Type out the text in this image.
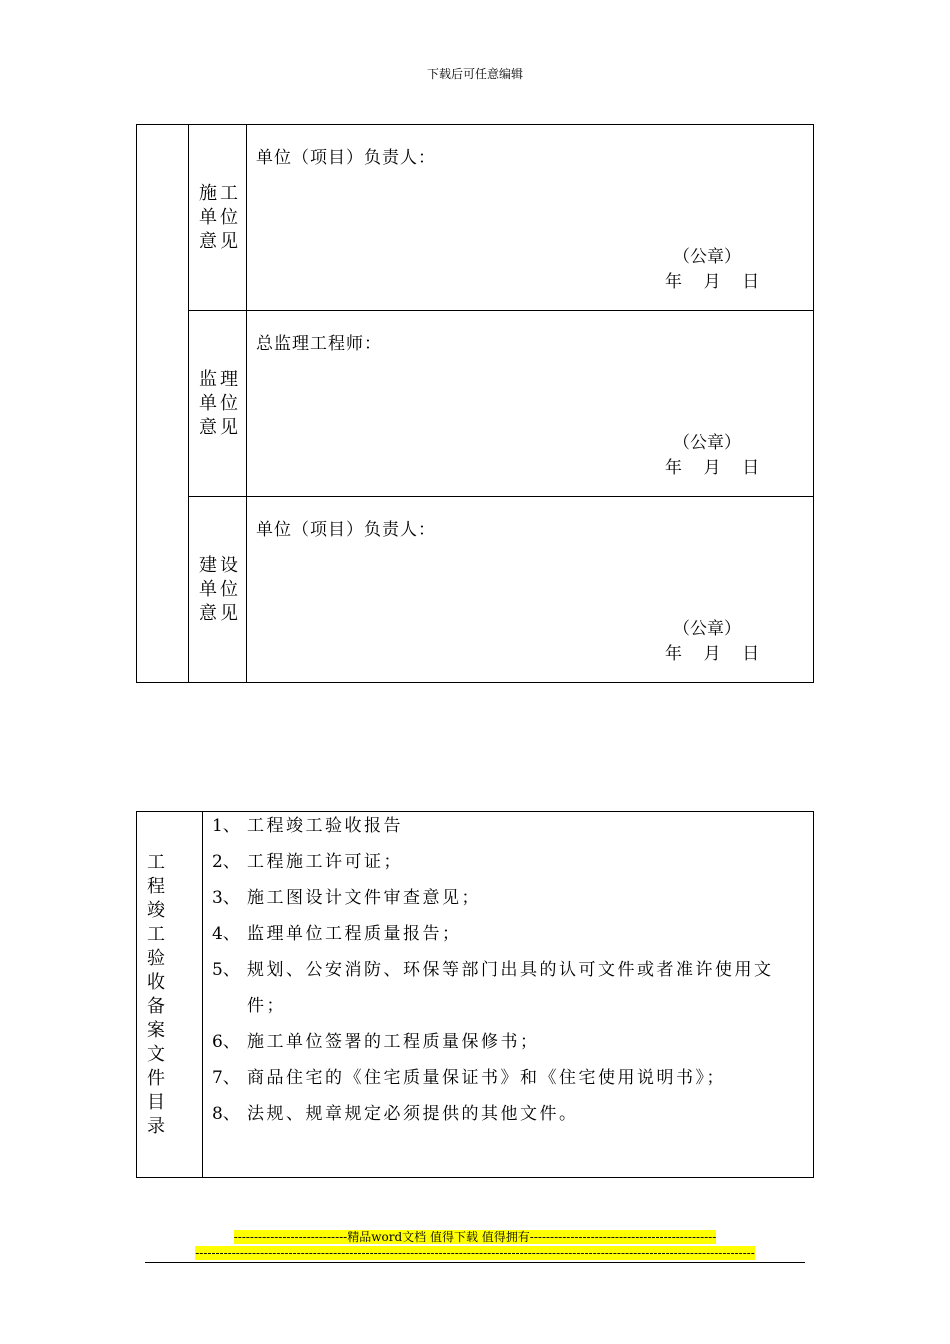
下载后可任意编辑

	施工单位意见	单位（项目）负责人：
（公章）
年    月    日

	监理单位意见	总监理工程师：
（公章）
年    月    日

	建设单位意见	单位（项目）负责人：
（公章）
年    月    日
工程竣工验收备案文件目录

1、 工程竣工验收报告
2、 工程施工许可证；
3、 施工图设计文件审查意见；
4、 监理单位工程质量报告；
5、 规划、公安消防、环保等部门出具的认可文件或者准许使用文件；
6、 施工单位签署的工程质量保修书；
7、 商品住宅的《住宅质量保证书》和《住宅使用说明书》；
8、 法规、规章规定必须提供的其他文件。
----------------------------精品word文档 值得下载 值得拥有----------------------------------------------
------------------------------------------------------------------------------------------------------------------------------------------
